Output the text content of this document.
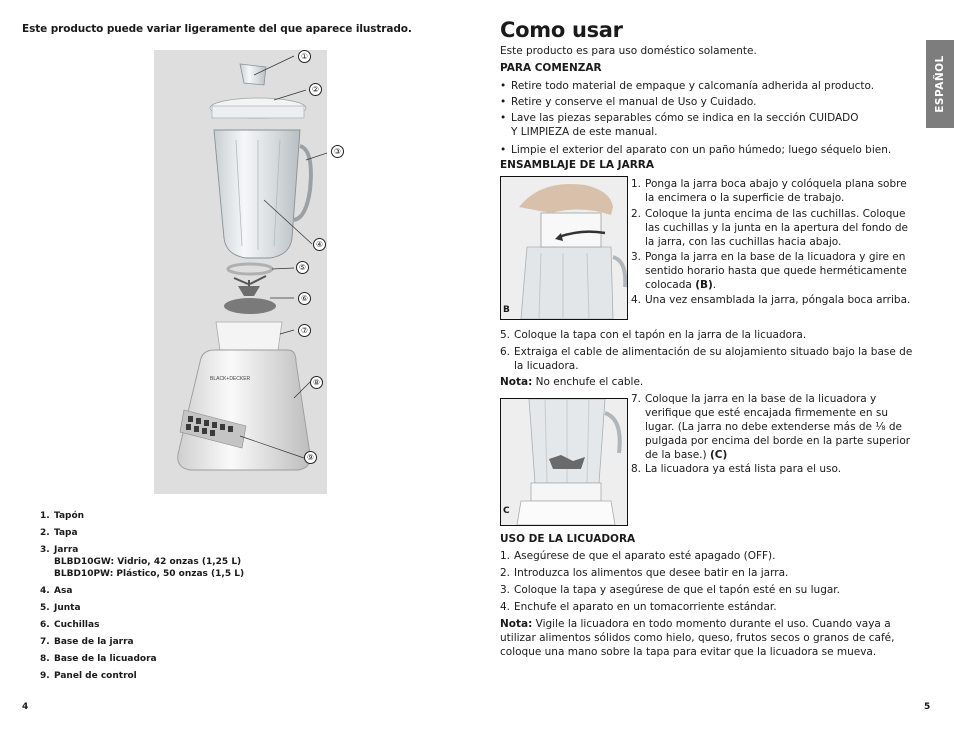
Este producto puede variar ligeramente del que aparece ilustrado.
BLACK+DECKER
①
②
③
④
⑤
⑥
⑦
⑧
⑨
1. Tapón
2. Tapa
3. Jarra
BLBD10GW: Vidrio, 42 onzas (1,25 L)
BLBD10PW: Plástico, 50 onzas (1,5 L)
4. Asa
5. Junta
6. Cuchillas
7. Base de la jarra
8. Base de la licuadora
9. Panel de control
4
Como usar
Este producto es para uso doméstico solamente.
PARA COMENZAR
• Retire todo material de empaque y calcomanía adherida al producto.
• Retire y conserve el manual de Uso y Cuidado.
• Lave las piezas separables cómo se indica en la sección CUIDADO
Y LIMPIEZA de este manual.
• Limpie el exterior del aparato con un paño húmedo; luego séquelo bien.
ENSAMBLAJE DE LA JARRA
B
1. Ponga la jarra boca abajo y colóquela plana sobre
la encimera o la superficie de trabajo.
2. Coloque la junta encima de las cuchillas. Coloque
las cuchillas y la junta en la apertura del fondo de
la jarra, con las cuchillas hacia abajo.
3. Ponga la jarra en la base de la licuadora y gire en
sentido horario hasta que quede herméticamente
colocada (B).
4. Una vez ensamblada la jarra, póngala boca arriba.
5. Coloque la tapa con el tapón en la jarra de la licuadora.
6. Extraiga el cable de alimentación de su alojamiento situado bajo la base de
la licuadora.
Nota: No enchufe el cable.
C
7. Coloque la jarra en la base de la licuadora y
verifique que esté encajada firmemente en su
lugar. (La jarra no debe extenderse más de ¹⁄₈ de
pulgada por encima del borde en la parte superior
de la base.) (C)
8. La licuadora ya está lista para el uso.
USO DE LA LICUADORA
1. Asegúrese de que el aparato esté apagado (OFF).
2. Introduzca los alimentos que desee batir en la jarra.
3. Coloque la tapa y asegúrese de que el tapón esté en su lugar.
4. Enchufe el aparato en un tomacorriente estándar.
Nota: Vigile la licuadora en todo momento durante el uso. Cuando vaya a
utilizar alimentos sólidos como hielo, queso, frutos secos o granos de café,
coloque una mano sobre la tapa para evitar que la licuadora se mueva.
ESPAÑOL
5
